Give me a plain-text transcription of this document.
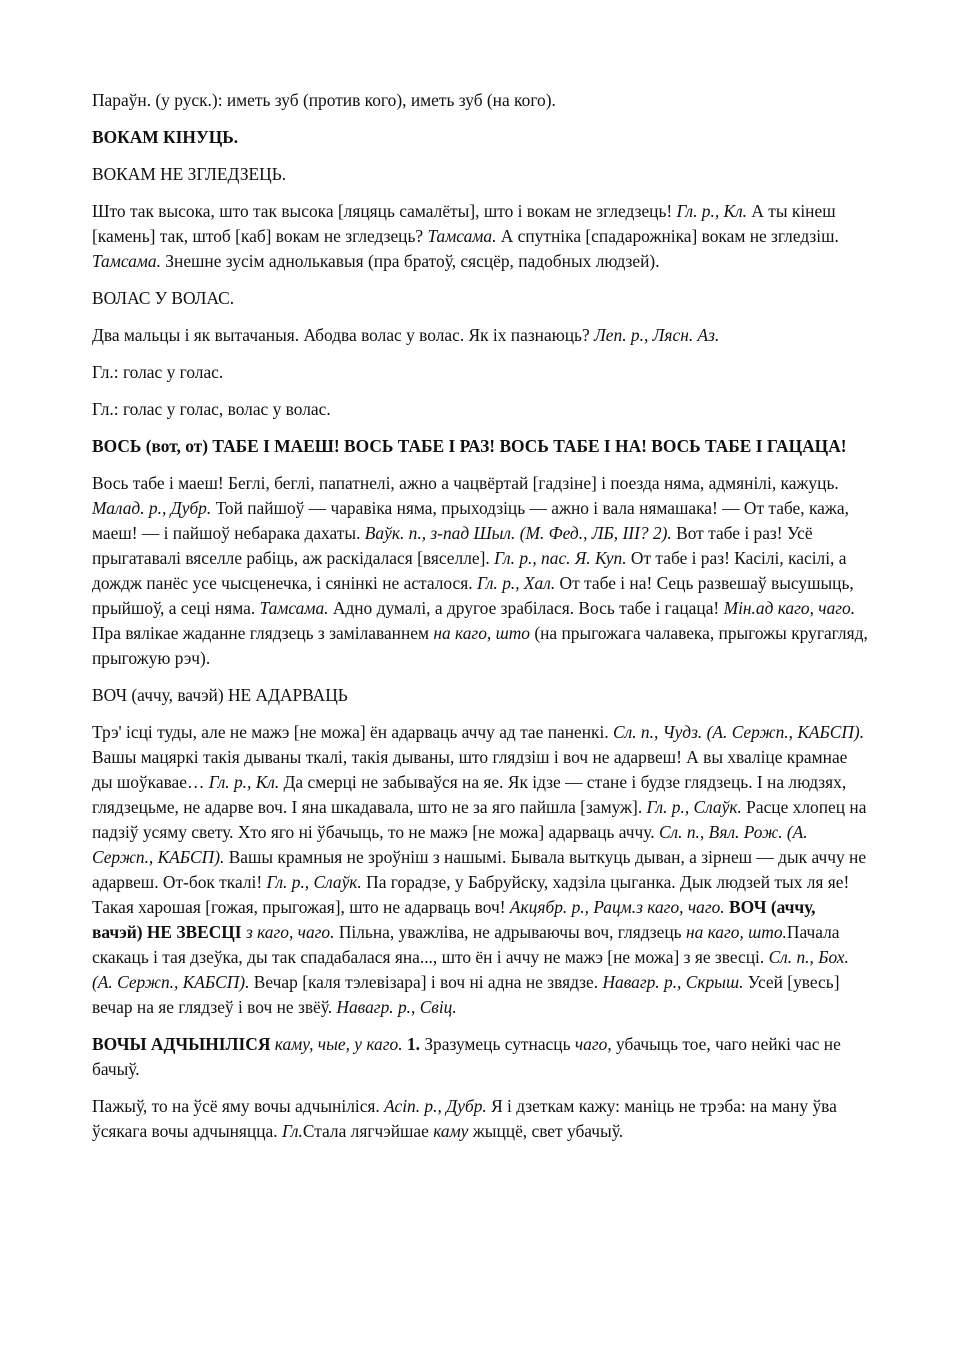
Параўн. (у руск.): иметь зуб (против кого), иметь зуб (на кого).

ВОКАМ КІНУЦЬ.

ВОКАМ НЕ ЗГЛЕДЗЕЦЬ.

Што так высока, што так высока [ляцяць самалёты], што і вокам не згледзець! Гл. р., Кл. А ты кінеш [камень] так, штоб [каб] вокам не згледзець? Тамсама. А спутніка [спадарожніка] вокам не згледзіш. Тамсама. Знешне зусім аднолькавыя (пра братоў, сясцёр, падобных людзей).

ВОЛАС У ВОЛАС.

Два мальцы і як вытачаныя. Абодва волас у волас. Як іх пазнаюць? Леп. р., Лясн. Аз.

Гл.: голас у голас.

Гл.: голас у голас, волас у волас.

ВОСЬ (вот, от) ТАБЕ І МАЕШ! ВОСЬ ТАБЕ І РАЗ! ВОСЬ ТАБЕ І НА! ВОСЬ ТАБЕ І ГАЦАЦА!

Вось табе і маеш! Беглі, беглі, папатнелі, ажно а чацвёртай [гадзіне] і поезда няма, адмянілі, кажуць. Малад. р., Дубр. Той пайшоў — чаравіка няма, прыходзіць — ажно і вала нямашака! — От табе, кажа, маеш! — і пайшоў небарака дахаты. Ваўк. п., з-пад Шыл. (М. Фед., ЛБ, III? 2). Вот табе і раз! Усё прыгатавалі вяселле рабіць, аж раскідалася [вяселле]. Гл. р., пас. Я. Куп. От табе і раз! Касілі, касілі, а дождж панёс усе чысценечка, і сянінкі не асталося. Гл. р., Хал. От табе і на! Сець развешаў высушыць, прыйшоў, а сеці няма. Тамсама. Адно думалі, а другое зрабілася. Вось табе і гацаца! Мін.ад каго, чаго. Пра вялікае жаданне глядзець з замілаваннем на каго, што (на прыгожага чалавека, прыгожы кругагляд, прыгожую рэч).

ВОЧ (аччу, вачэй) НЕ АДАРВАЦЬ

Трэ' ісці туды, але не мажэ [не можа] ён адарваць аччу ад тае паненкі. Сл. п., Чудз. (А. Сержп., КАБСП). Вашы мацяркі такія дываны ткалі, такія дываны, што глядзіш і воч не адарвеш! А вы хваліце крамнае ды шоўкавае… Гл. р., Кл. Да смерці не забываўся на яе. Як ідзе — стане і будзе глядзець. І на людзях, глядзецьме, не адарве воч. І яна шкадавала, што не за яго пайшла [замуж]. Гл. р., Слаўк. Расце хлопец на падзіў усяму свету. Хто яго ні ўбачыць, то не мажэ [не можа] адарваць аччу. Сл. п., Вял. Рож. (А. Сержп., КАБСП). Вашы крамныя не зроўніш з нашымі. Бывала выткуць дыван, а зірнеш — дык аччу не адарвеш. От-бок ткалі! Гл. р., Слаўк. Па горадзе, у Бабруйску, хадзіла цыганка. Дык людзей тых ля яе! Такая харошая [гожая, прыгожая], што не адарваць воч! Акцябр. р., Рацм.з каго, чаго. ВОЧ (аччу, вачэй) НЕ ЗВЕСЦІ з каго, чаго. Пільна, уважліва, не адрываючы воч, глядзець на каго, што.Пачала скакаць і тая дзеўка, ды так спадабалася яна..., што ён і аччу не мажэ [не можа] з яе звесці. Сл. п., Бох. (А. Сержп., КАБСП). Вечар [каля тэлевізара] і воч ні адна не звядзе. Навагр. р., Скрыш. Усей [увесь] вечар на яе глядзеў і воч не звёў. Навагр. р., Свіц.

ВОЧЫ АДЧЫНІЛІСЯ каму, чые, у каго. 1. Зразумець сутнасць чаго, убачыць тое, чаго нейкі час не бачыў.

Пажыў, то на ўсё яму вочы адчыніліся. Асіп. р., Дубр. Я і дзеткам кажу: маніць не трэба: на ману ўва ўсякага вочы адчыняцца. Гл.Стала лягчэйшае каму жыццё, свет убачыў.
